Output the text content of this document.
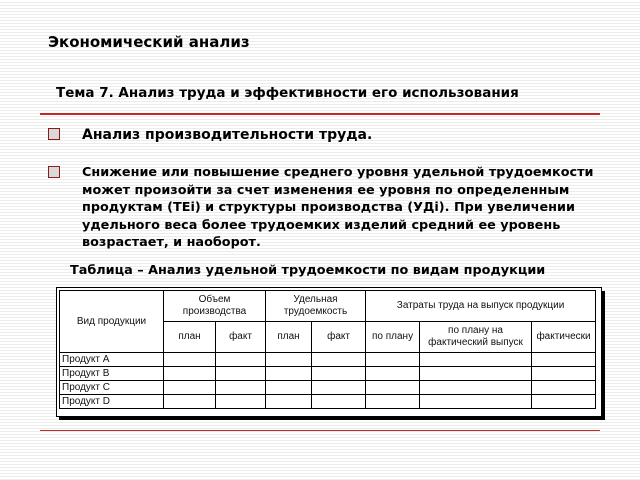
Экономический анализ
Тема 7. Анализ труда и эффективности его использования
Анализ производительности труда.
Снижение или повышение среднего уровня удельной трудоемкости может произойти за счет изменения ее уровня по определенным продуктам (ТЕi) и структуры производства (УДi). При увеличении удельного веса более трудоемких изделий средний ее уровень возрастает, и наоборот.
Таблица – Анализ удельной трудоемкости по видам продукции
Вид продукции	Объем производства		Удельная трудоемкость		Затраты труда на выпуск продукции		
	план	факт	план	факт	по плану	по плану на фактический выпуск	фактически
Продукт А							
Продукт В							
Продукт С							
Продукт D							
